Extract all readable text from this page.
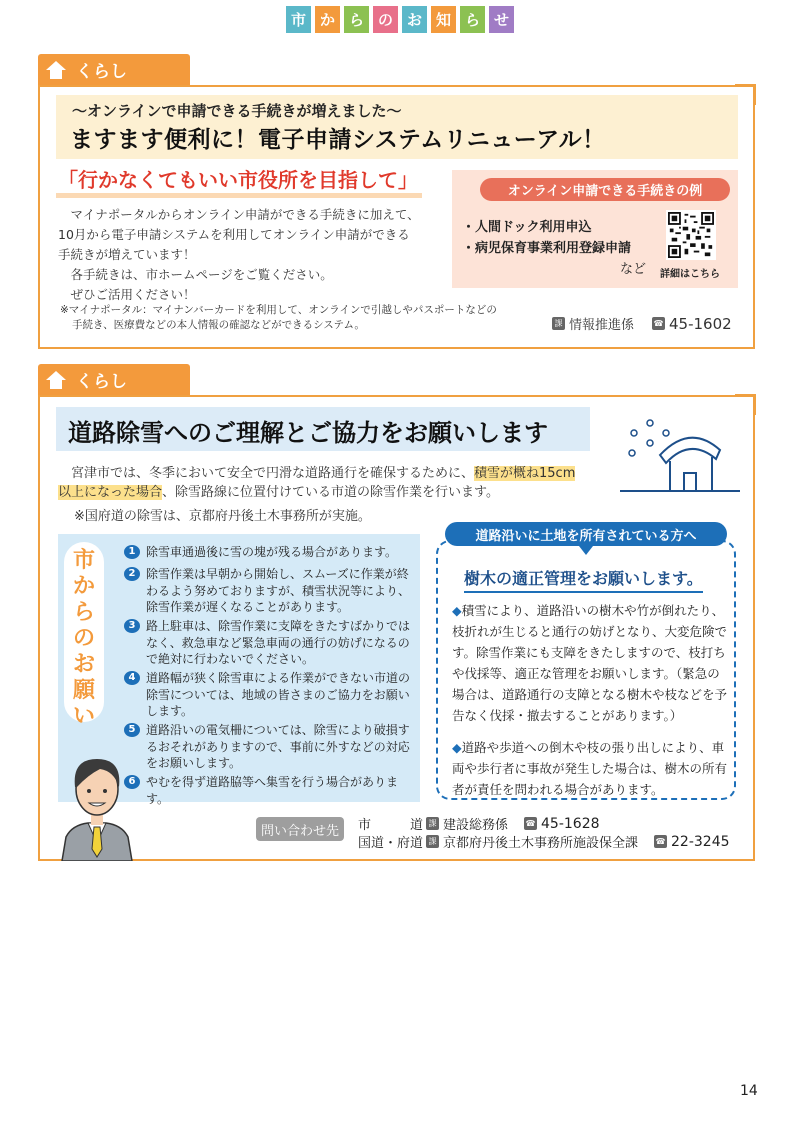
市 か ら の お 知 ら せ
くらし
～オンラインで申請できる手続きが増えました～
ますます便利に！電子申請システムリニューアル！
「行かなくてもいい市役所を目指して」
マイナポータルからオンライン申請ができる手続きに加えて、
10月から電子申請システムを利用してオンライン申請ができる
手続きが増えています！
各手続きは、市ホームページをご覧ください。
ぜひご活用ください！
オンライン申請できる手続きの例
・人間ドック利用申込
・病児保育事業利用登録申請
など 詳細はこちら
※マイナポータル：マイナンバーカードを利用して、オンラインで引越しやパスポートなどの
手続き、医療費などの本人情報の確認などができるシステム。	課 情報推進係 ☎ 45-1602
くらし
道路除雪へのご理解とご協力をお願いします
宮津市では、冬季において安全で円滑な道路通行を確保するために、積雪が概ね15cm
以上になった場合、除雪路線に位置付けている市道の除雪作業を行います。
※国府道の除雪は、京都府丹後土木事務所が実施。
市
か
ら
の
お
願
い
1 除雪車通過後に雪の塊が残る場合があります。
2 除雪作業は早朝から開始し、スムーズに作業が終わるよう努めておりますが、積雪状況等により、除雪作業が遅くなることがあります。
3 路上駐車は、除雪作業に支障をきたすばかりではなく、救急車など緊急車両の通行の妨げになるので絶対に行わないでください。
4 道路幅が狭く除雪車による作業ができない市道の除雪については、地域の皆さまのご協力をお願いします。
5 道路沿いの電気柵については、除雪により破損するおそれがありますので、事前に外すなどの対応をお願いします。
6 やむを得ず道路脇等へ集雪を行う場合があります。
道路沿いに土地を所有されている方へ
樹木の適正管理をお願いします。
◆積雪により、道路沿いの樹木や竹が倒れたり、枝折れが生じると通行の妨げとなり、大変危険です。除雪作業にも支障をきたしますので、枝打ちや伐採等、適正な管理をお願いします。（緊急の場合は、道路通行の支障となる樹木や枝などを予告なく伐採・撤去することがあります。）
◆道路や歩道への倒木や枝の張り出しにより、車両や歩行者に事故が発生した場合は、樹木の所有者が責任を問われる場合があります。
問い合わせ先	市　　　道 課 建設総務係 ☎ 45-1628
国道・府道 課 京都府丹後土木事務所施設保全課 ☎ 22-3245
14
